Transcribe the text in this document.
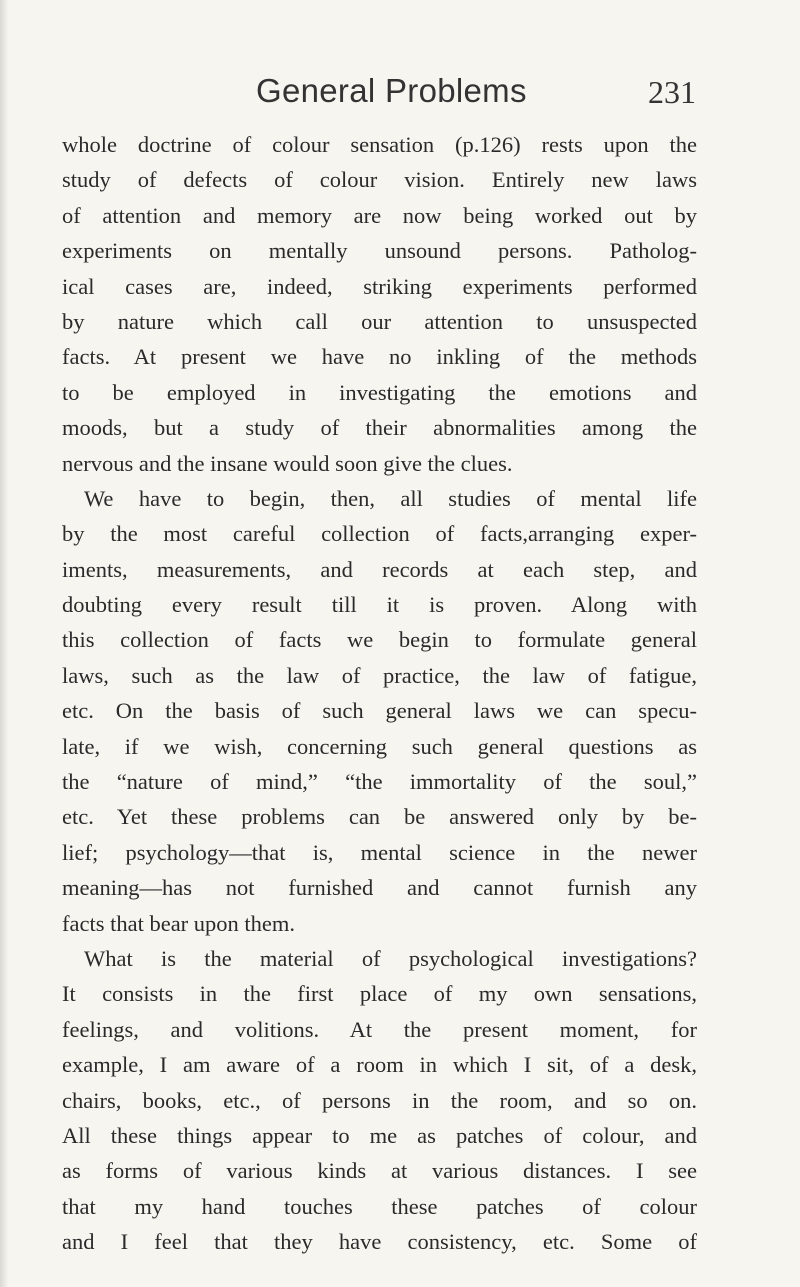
General Problems	231
whole doctrine of colour sensation (p.126) rests upon the
study of defects of colour vision. Entirely new laws
of attention and memory are now being worked out by
experiments on mentally unsound persons. Patholog-
ical cases are, indeed, striking experiments performed
by nature which call our attention to unsuspected
facts. At present we have no inkling of the methods
to be employed in investigating the emotions and
moods, but a study of their abnormalities among the
nervous and the insane would soon give the clues.
We have to begin, then, all studies of mental life
by the most careful collection of facts,arranging exper-
iments, measurements, and records at each step, and
doubting every result till it is proven. Along with
this collection of facts we begin to formulate general
laws, such as the law of practice, the law of fatigue,
etc. On the basis of such general laws we can specu-
late, if we wish, concerning such general questions as
the “nature of mind,” “the immortality of the soul,”
etc. Yet these problems can be answered only by be-
lief; psychology—that is, mental science in the newer
meaning—has not furnished and cannot furnish any
facts that bear upon them.
What is the material of psychological investigations?
It consists in the first place of my own sensations,
feelings, and volitions. At the present moment, for
example, I am aware of a room in which I sit, of a desk,
chairs, books, etc., of persons in the room, and so on.
All these things appear to me as patches of colour, and
as forms of various kinds at various distances. I see
that my hand touches these patches of colour
and I feel that they have consistency, etc. Some of
